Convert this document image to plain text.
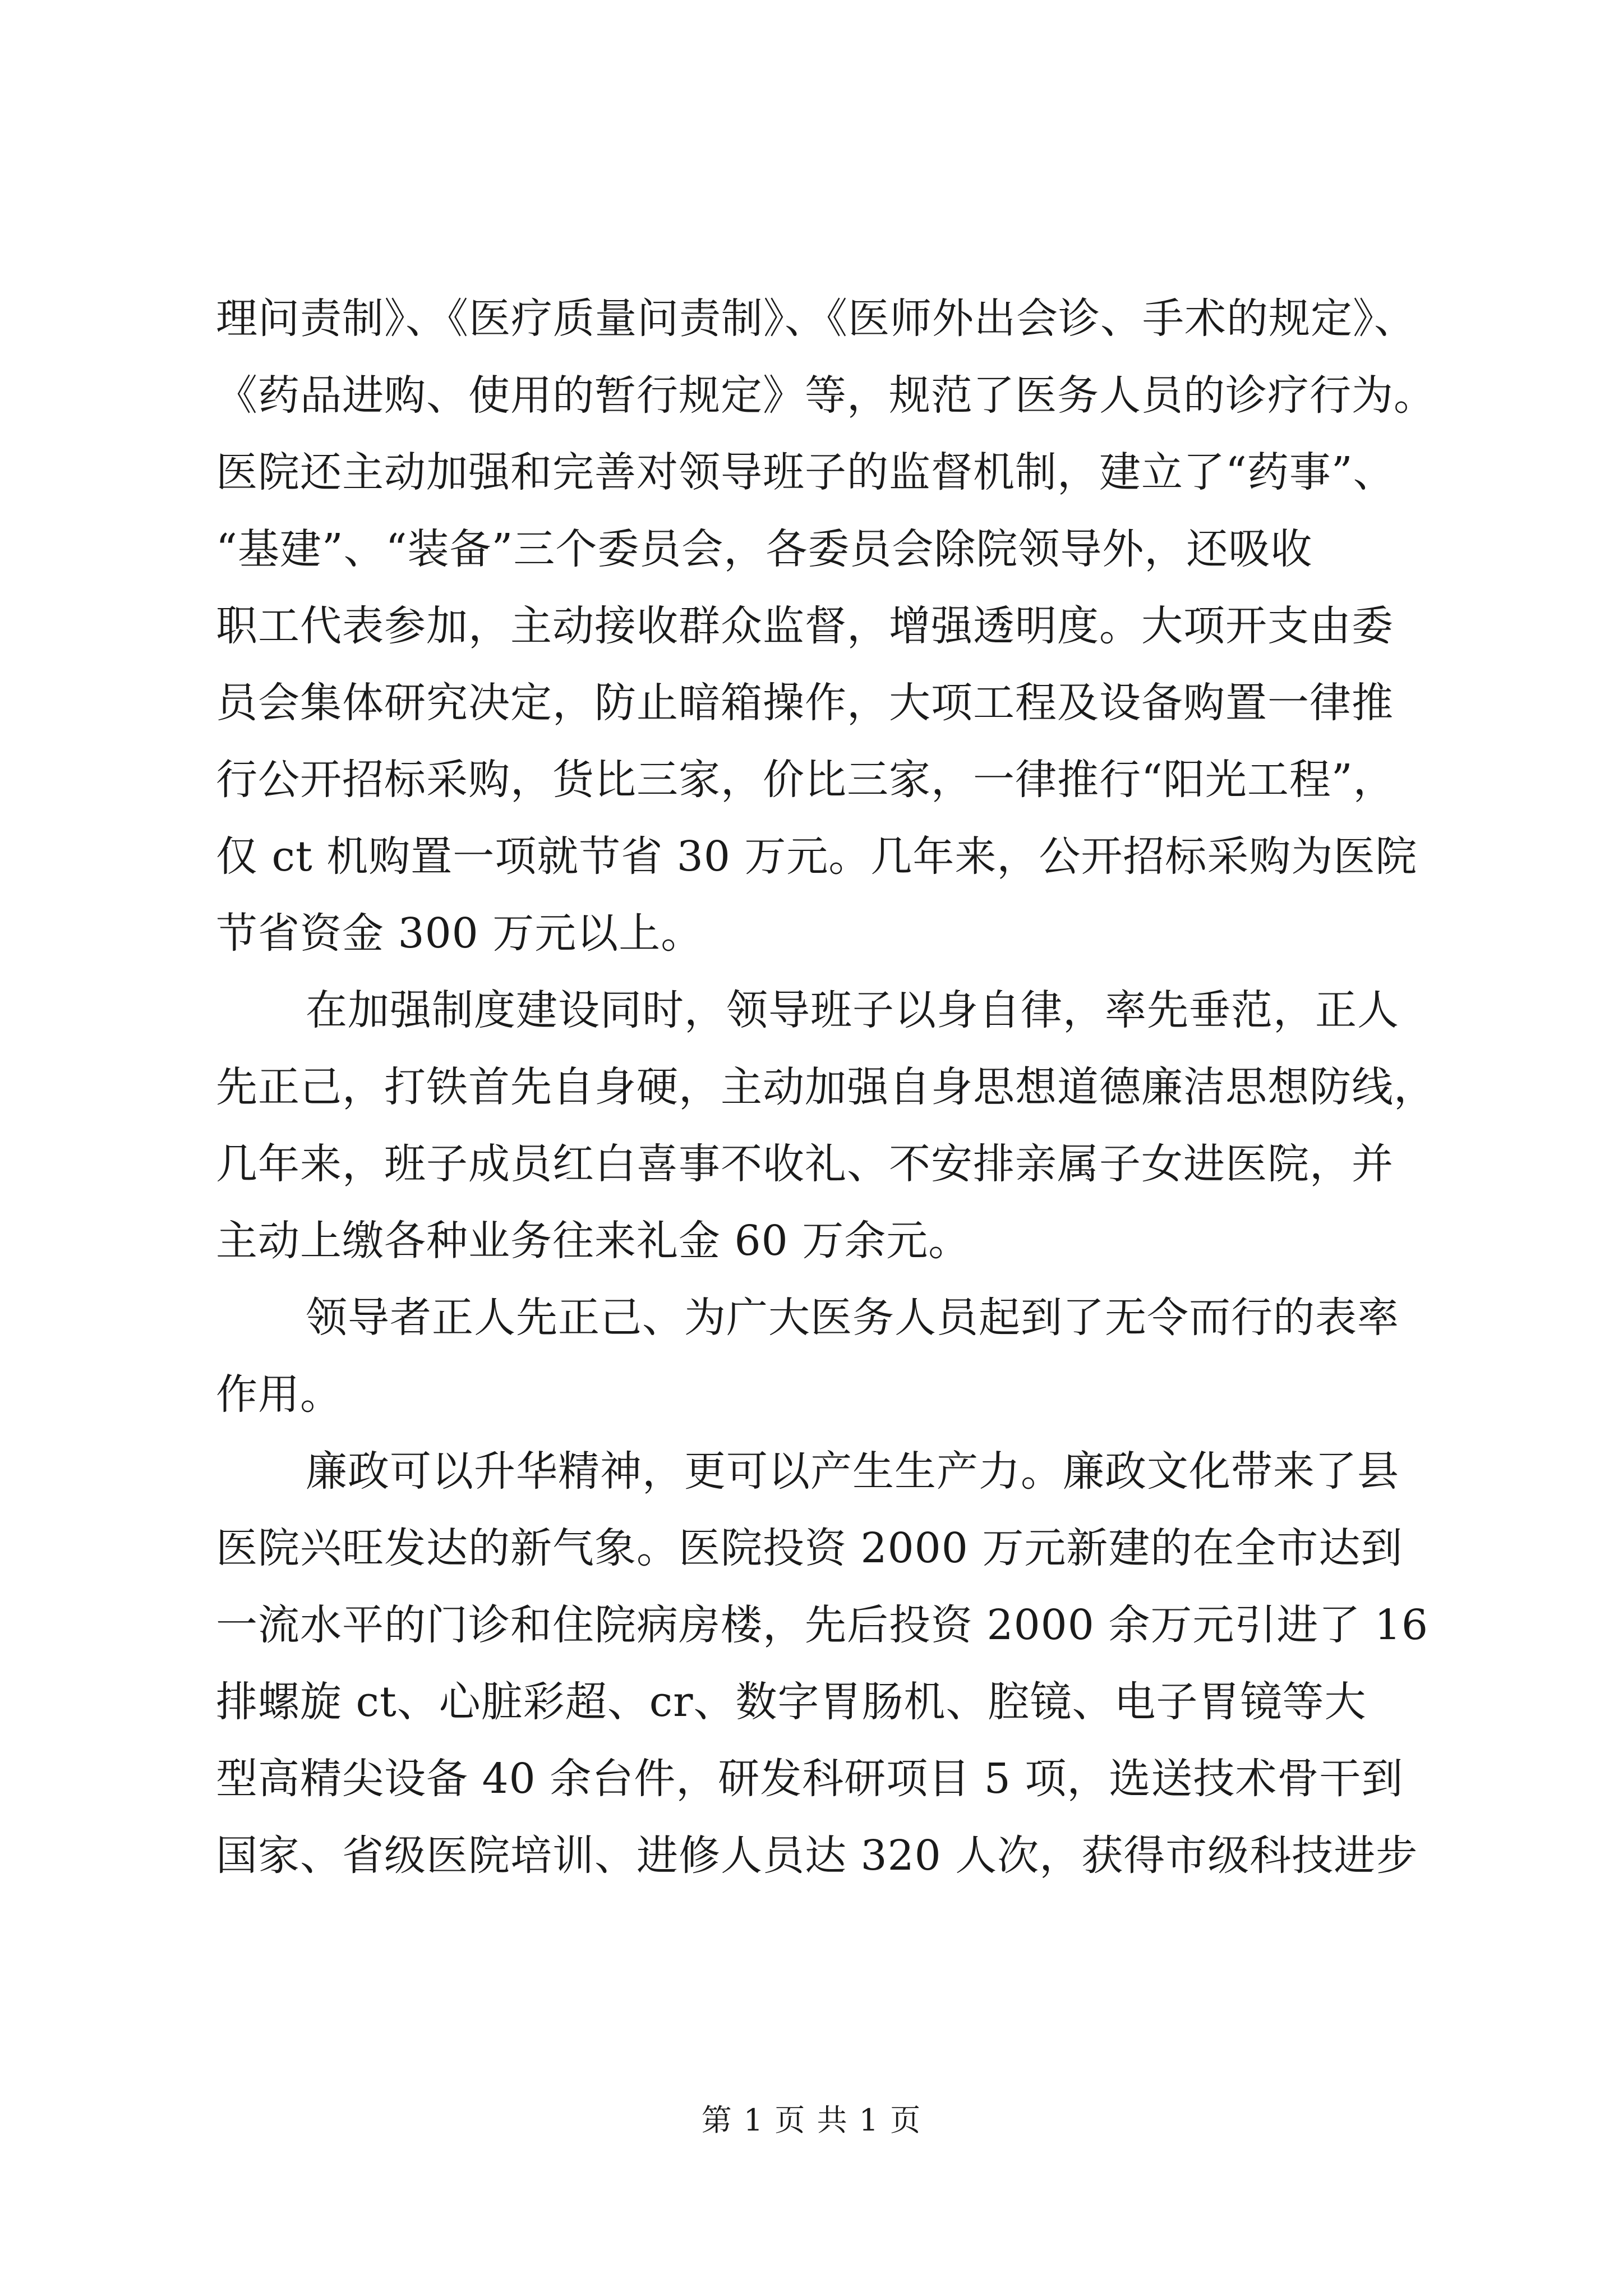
理问责制》、《医疗质量问责制》、《医师外出会诊、手术的规定》、
《药品进购、使用的暂行规定》等，规范了医务人员的诊疗行为。
医院还主动加强和完善对领导班子的监督机制，建立了“药事”、
“基建”、“装备”三个委员会，各委员会除院领导外，还吸收
职工代表参加，主动接收群众监督，增强透明度。大项开支由委
员会集体研究决定，防止暗箱操作，大项工程及设备购置一律推
行公开招标采购，货比三家，价比三家，一律推行“阳光工程”，
仅 ct 机购置一项就节省 30 万元。几年来，公开招标采购为医院
节省资金 300 万元以上。
在加强制度建设同时，领导班子以身自律，率先垂范，正人
先正己，打铁首先自身硬，主动加强自身思想道德廉洁思想防线，
几年来，班子成员红白喜事不收礼、不安排亲属子女进医院，并
主动上缴各种业务往来礼金 60 万余元。
领导者正人先正己、为广大医务人员起到了无令而行的表率
作用。
廉政可以升华精神，更可以产生生产力。廉政文化带来了县
医院兴旺发达的新气象。医院投资 2000 万元新建的在全市达到
一流水平的门诊和住院病房楼，先后投资 2000 余万元引进了 16
排螺旋 ct、心脏彩超、cr、数字胃肠机、腔镜、电子胃镜等大
型高精尖设备 40 余台件，研发科研项目 5 项，选送技术骨干到
国家、省级医院培训、进修人员达 320 人次，获得市级科技进步
第 1 页 共 1 页
